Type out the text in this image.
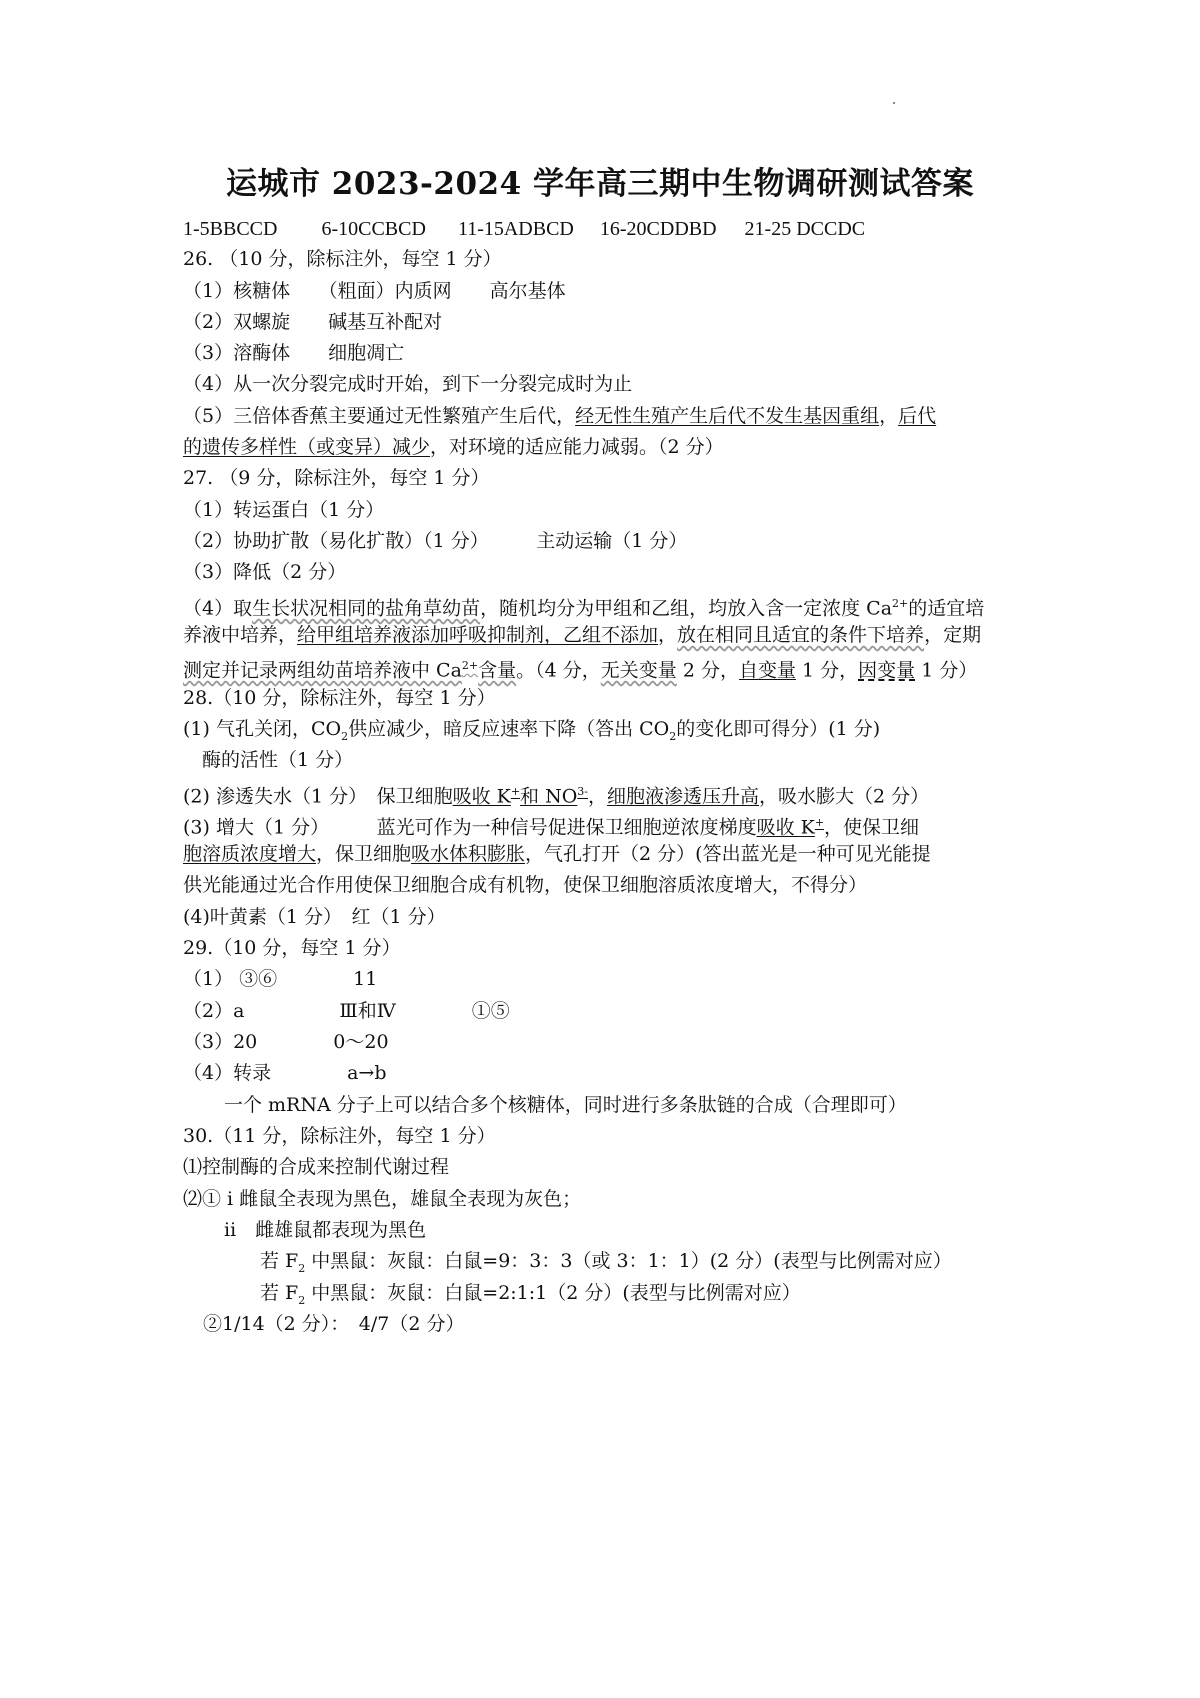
运城市 2023-2024 学年高三期中生物调研测试答案
1-5BBCCD 6-10CCBCD 11-15ADBCD 16-20CDDBD 21-25 DCCDC
26. （10 分，除标注外，每空 1 分）
（1）核糖体　　（粗面）内质网　　高尔基体
（2）双螺旋　　碱基互补配对
（3）溶酶体　　细胞凋亡
（4）从一次分裂完成时开始，到下一分裂完成时为止
（5）三倍体香蕉主要通过无性繁殖产生后代，经无性生殖产生后代不发生基因重组，后代
的遗传多样性（或变异）减少，对环境的适应能力减弱。（2 分）
27. （9 分，除标注外，每空 1 分）
（1）转运蛋白（1 分）
（2）协助扩散（易化扩散）（1 分）　　　主动运输（1 分）
（3）降低（2 分）
（4）取生长状况相同的盐角草幼苗，随机均分为甲组和乙组，均放入含一定浓度 $Ca^{2+}$的适宜培
养液中培养，给甲组培养液添加呼吸抑制剂，乙组不添加，放在相同且适宜的条件下培养，定期
测定并记录两组幼苗培养液中 $Ca^{2+}$含量。（4 分，无关变量 2 分，自变量 1 分，因变量 1 分）
28.（10 分，除标注外，每空 1 分）
(1) 气孔关闭，$CO_2$供应减少，暗反应速率下降（答出 $CO_2$的变化即可得分）(1 分)
　酶的活性（1 分）
(2) 渗透失水（1 分）　保卫细胞吸收 K+和 $NO^{3-}$，细胞液渗透压升高，吸水膨大（2 分）
(3) 增大（1 分）　　　蓝光可作为一种信号促进保卫细胞逆浓度梯度吸收 K+，使保卫细
胞溶质浓度增大，保卫细胞吸水体积膨胀，气孔打开（2 分）(答出蓝光是一种可见光能提
供光能通过光合作用使保卫细胞合成有机物，使保卫细胞溶质浓度增大，不得分）
(4)叶黄素（1 分）　红（1 分）
29.（10 分，每空 1 分）
（1） ③⑥　　　　11
（2）a　　　　　Ⅲ和Ⅳ　　　　①⑤
（3）20　　　　0～20
（4）转录　　　　a→b
　一个 mRNA 分子上可以结合多个核糖体，同时进行多条肽链的合成（合理即可）
30.（11 分，除标注外，每空 1 分）
⑴控制酶的合成来控制代谢过程
⑵① ⅰ 雌鼠全表现为黑色，雄鼠全表现为灰色；
　ⅱ　雌雄鼠都表现为黑色
　　若 $F_2$ 中黑鼠：灰鼠：白鼠=9：3：3（或 3：1：1）(2 分）(表型与比例需对应）
　　若 $F_2$ 中黑鼠：灰鼠：白鼠=2:1:1（2 分）(表型与比例需对应）
②1/14（2 分）：　4/7（2 分）
